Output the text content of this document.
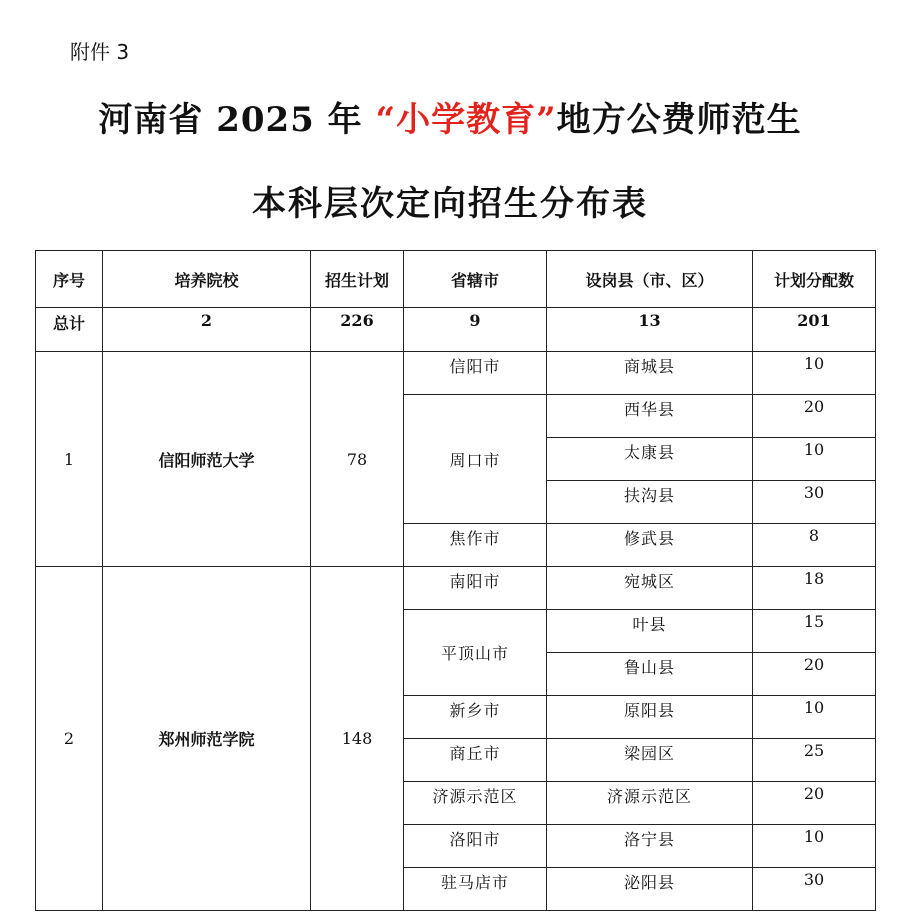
附件 3
河南省 2025 年 “小学教育”地方公费师范生
本科层次定向招生分布表
序号	培养院校	招生计划	省辖市	设岗县（市、区）	计划分配数
总计	2	226	9	13	201
1	信阳师范大学	78	信阳市	商城县	10
			周口市	西华县	20
				太康县	10
				扶沟县	30
			焦作市	修武县	8
2	郑州师范学院	148	南阳市	宛城区	18
			平顶山市	叶县	15
				鲁山县	20
			新乡市	原阳县	10
			商丘市	梁园区	25
			济源示范区	济源示范区	20
			洛阳市	洛宁县	10
			驻马店市	泌阳县	30
